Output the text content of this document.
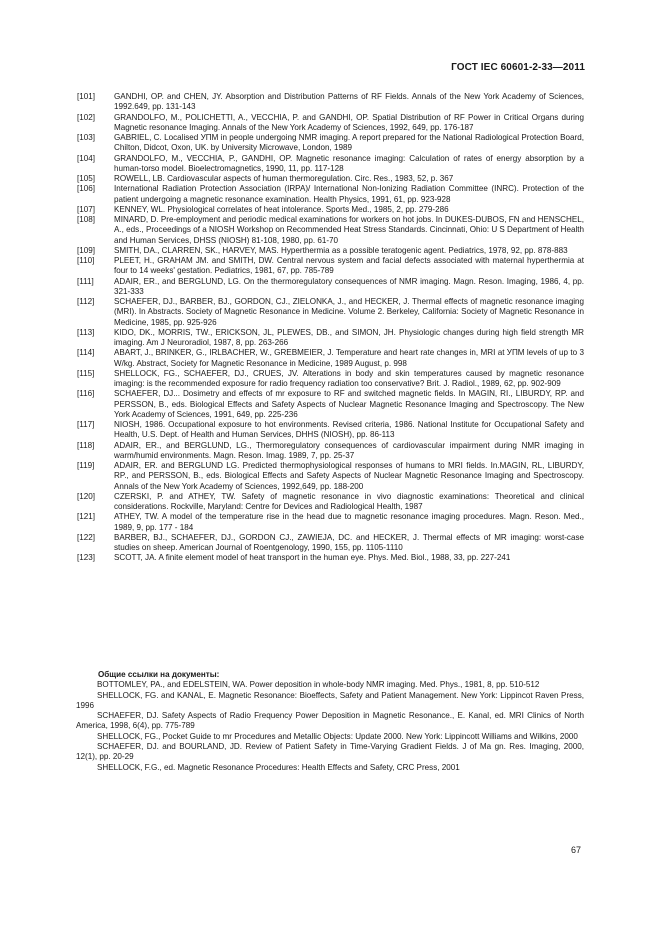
ГОСТ IEC 60601-2-33—2011
[101]	GANDHI, OP. and CHEN, JY. Absorption and Distribution Patterns of RF Fields. Annals of the New York Academy of Sciences, 1992.649, pp. 131-143
[102]	GRANDOLFO, M., POLICHETTI, A., VECCHIA, P. and GANDHI, OP. Spatial Distribution of RF Power in Critical Organs during Magnetic resonance Imaging. Annals of the New York Academy of Sciences, 1992, 649, pp. 176-187
[103]	GABRIEL, C. Localised УПМ in people undergoing NMR imaging. A report prepared for the National Radiological Protection Board, Chilton, Didcot, Oxon, UK. by University Microwave, London, 1989
[104]	GRANDOLFO, M., VECCHIA, P., GANDHI, OP. Magnetic resonance imaging: Calculation of rates of energy absorption by a human-torso model. Bioelectromagnetics, 1990, 11, pp. 117-128
[105]	ROWELL, LB. Cardiovascular aspects of human thermoregulation. Circ. Res., 1983, 52, p. 367
[106]	International Radiation Protection Association (IRPA)/ International Non-Ionizing Radiation Committee (INRC). Protection of the patient undergoing a magnetic resonance examination. Health Physics, 1991, 61, pp. 923-928
[107]	KENNEY, WL. Physiological correlates of heat intolerance. Sports Med., 1985, 2, pp. 279-286
[108]	MINARD, D. Pre-employment and periodic medical examinations for workers on hot jobs. In DUKES-DUBOS, FN and HENSCHEL, A., eds., Proceedings of a NIOSH Workshop on Recommended Heat Stress Standards. Cincinnati, Ohio: U S Department of Health and Human Services, DHSS (NIOSH) 81-108, 1980, pp. 61-70
[109]	SMITH, DA., CLARREN, SK., HARVEY, MAS. Hyperthermia as a possible teratogenic agent. Pediatrics, 1978, 92, pp. 878-883
[110]	PLEET, H., GRAHAM JM. and SMITH, DW. Central nervous system and facial defects associated with maternal hyperthermia at four to 14 weeks' gestation. Pediatrics, 1981, 67, pp. 785-789
[111]	ADAIR, ER., and BERGLUND, LG. On the thermoregulatory consequences of NMR imaging. Magn. Reson. Imaging, 1986, 4, pp. 321-333
[112]	SCHAEFER, DJ., BARBER, BJ., GORDON, CJ., ZIELONKA, J., and HECKER, J. Thermal effects of magnetic resonance imaging (MRI). In Abstracts. Society of Magnetic Resonance in Medicine. Volume 2. Berkeley, California: Society of Magnetic Resonance in Medicine, 1985, pp. 925-926
[113]	KIDO, DK., MORRIS, TW., ERICKSON, JL, PLEWES, DB., and SIMON, JH. Physiologic changes during high field strength MR imaging. Am J Neuroradiol, 1987, 8, pp. 263-266
[114]	ABART, J., BRINKER, G., IRLBACHER, W., GREBMEIER, J. Temperature and heart rate changes in, MRI at УПМ levels of up to 3 W/kg. Abstract, Society for Magnetic Resonance in Medicine, 1989 August, p. 998
[115]	SHELLOCK, FG., SCHAEFER, DJ., CRUES, JV. Alterations in body and skin temperatures caused by magnetic resonance imaging: is the recommended exposure for radio frequency radiation too conservative? Brit. J. Radiol., 1989, 62, pp. 902-909
[116]	SCHAEFER, DJ... Dosimetry and effects of mr exposure to RF and switched magnetic fields. In MAGIN, RI., LIBURDY, RP. and PERSSON, B., eds. Biological Effects and Safety Aspects of Nuclear Magnetic Resonance Imaging and Spectroscopy. The New York Academy of Sciences, 1991, 649, pp. 225-236
[117]	NIOSH, 1986. Occupational exposure to hot environments. Revised criteria, 1986. National Institute for Occupational Safety and Health, U.S. Dept. of Health and Human Services, DHHS (NIOSH), pp. 86-113
[118]	ADAIR, ER., and BERGLUND, LG., Thermoregulatory consequences of cardiovascular impairment during NMR imaging in warm/humid environments. Magn. Reson. Imag. 1989, 7, pp. 25-37
[119]	ADAIR, ER. and BERGLUND LG. Predicted thermophysiological responses of humans to MRI fields. In.MAGIN, RL, LIBURDY, RP., and PERSSON, B., eds. Biological Effects and Safety Aspects of Nuclear Magnetic Resonance Imaging and Spectroscopy. Annals of the New York Academy of Sciences, 1992,649, pp. 188-200
[120]	CZERSKI, P. and ATHEY, TW. Safety of magnetic resonance in vivo diagnostic examinations: Theoretical and clinical considerations. Rockville, Maryland: Centre for Devices and Radiological Health, 1987
[121]	ATHEY, TW. A model of the temperature rise in the head due to magnetic resonance imaging procedures. Magn. Reson. Med., 1989, 9, pp. 177 - 184
[122]	BARBER, BJ., SCHAEFER, DJ., GORDON CJ., ZAWIEJA, DC. and HECKER, J. Thermal effects of MR imaging: worst-case studies on sheep. American Journal of Roentgenology, 1990, 155, pp. 1105-1110
[123]	SCOTT, JA. A finite element model of heat transport in the human eye. Phys. Med. Biol., 1988, 33, pp. 227-241
Общие ссылки на документы:
BOTTOMLEY, PA., and EDELSTEIN, WA. Power deposition in whole-body NMR imaging. Med. Phys., 1981, 8, pp. 510-512
SHELLOCK, FG. and KANAL, E. Magnetic Resonance: Bioeffects, Safety and Patient Management. New York: Lippincot Raven Press, 1996
SCHAEFER, DJ. Safety Aspects of Radio Frequency Power Deposition in Magnetic Resonance., E. Kanal, ed. MRI Clinics of North America, 1998, 6(4), pp. 775-789
SHELLOCK, FG., Pocket Guide to mr Procedures and Metallic Objects: Update 2000. New York: Lippincott Williams and Wilkins, 2000
SCHAEFER, DJ. and BOURLAND, JD. Review of Patient Safety in Time-Varying Gradient Fields. J of Ma gn. Res. Imaging, 2000, 12(1), pp. 20-29
SHELLOCK, F.G., ed. Magnetic Resonance Procedures: Health Effects and Safety, CRC Press, 2001
67
